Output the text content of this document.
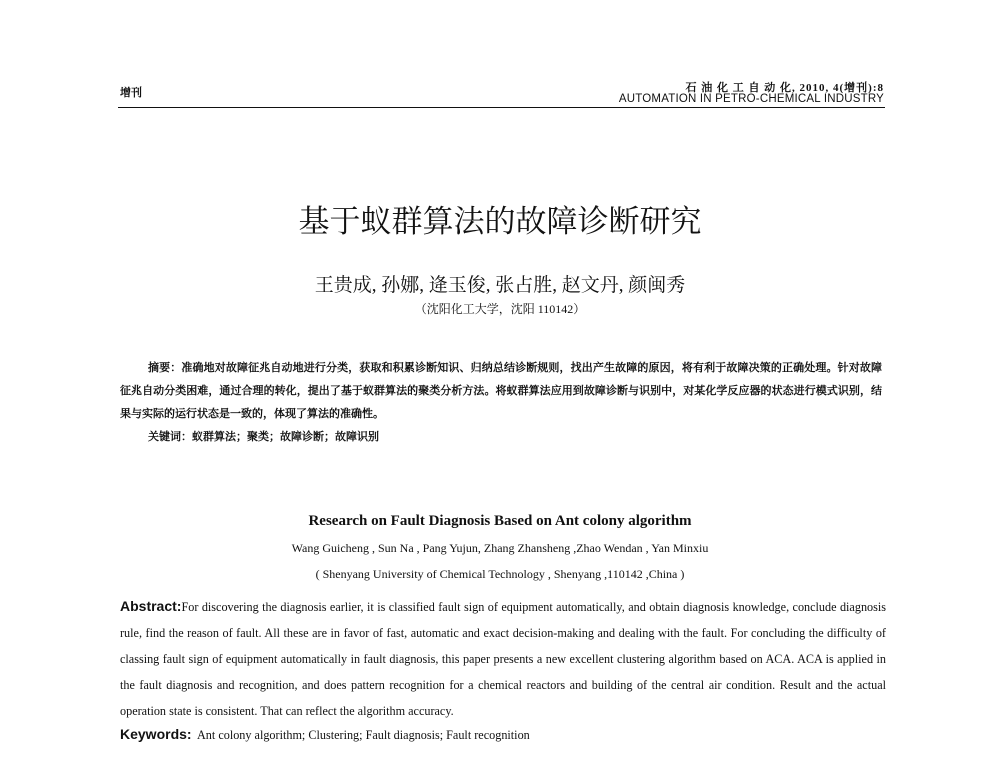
增刊	石 油 化 工 自 动 化, 2010, 4(增刊):8
AUTOMATION IN PETRO-CHEMICAL INDUSTRY
基于蚁群算法的故障诊断研究
王贵成, 孙娜, 逄玉俊, 张占胜, 赵文丹, 颜闽秀
（沈阳化工大学，沈阳 110142）
摘要：准确地对故障征兆自动地进行分类，获取和积累诊断知识、归纳总结诊断规则，找出产生故障的原因，将有利于故障决策的正确处理。针对故障征兆自动分类困难，通过合理的转化，提出了基于蚁群算法的聚类分析方法。将蚁群算法应用到故障诊断与识别中，对某化学反应器的状态进行模式识别，结果与实际的运行状态是一致的，体现了算法的准确性。
关键词：蚁群算法；聚类；故障诊断；故障识别
Research on Fault Diagnosis Based on Ant colony algorithm
Wang Guicheng , Sun Na , Pang Yujun, Zhang Zhansheng ,Zhao Wendan , Yan Minxiu
( Shenyang University of Chemical Technology , Shenyang ,110142 ,China )
Abstract:For discovering the diagnosis earlier, it is classified fault sign of equipment automatically, and obtain diagnosis knowledge, conclude diagnosis rule, find the reason of fault. All these are in favor of fast, automatic and exact decision-making and dealing with the fault. For concluding the difficulty of classing fault sign of equipment automatically in fault diagnosis, this paper presents a new excellent clustering algorithm based on ACA. ACA is applied in the fault diagnosis and recognition, and does pattern recognition for a chemical reactors and building of the central air condition. Result and the actual operation state is consistent. That can reflect the algorithm accuracy.
Keywords: Ant colony algorithm; Clustering; Fault diagnosis; Fault recognition
